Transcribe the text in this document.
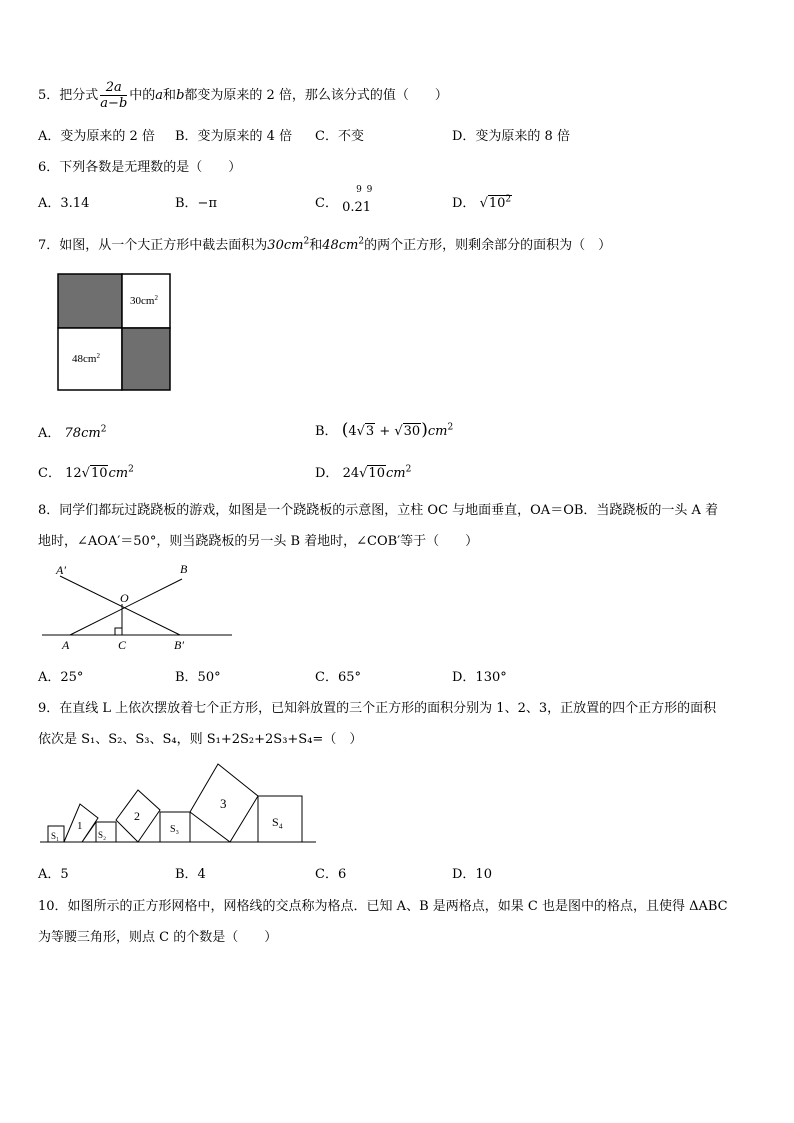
5．把分式 $\frac{2a}{a-b}$ 中的a和b都变为原来的 2 倍，那么该分式的值（　　）
A．变为原来的 2 倍 B．变为原来的 4 倍 C．不变	D．变为原来的 8 倍
6．下列各数是无理数的是（　　）
A．3.14	B．−π	C．
9 9
0.21	D． $√10^2$
7．如图，从一个大正方形中截去面积为$30cm^2$和$48cm^2$的两个正方形，则剩余部分的面积为（　）
$30cm^2$
$48cm^2$
A． $78cm^2$	B． $(4√3 + √30)cm^2$
C． $12√10cm^2$	D． $24√10cm^2$
8．同学们都玩过跷跷板的游戏，如图是一个跷跷板的示意图，立柱 OC 与地面垂直，OA＝OB．当跷跷板的一头 A 着
地时，∠AOA′＝50°，则当跷跷板的另一头 B 着地时，∠COB′等于（　　）
A′	B
O
A	C	B′
A．25°	B．50°	C．65°	D．130°
9．在直线 L 上依次摆放着七个正方形，已知斜放置的三个正方形的面积分别为 1、2、3，正放置的四个正方形的面积
依次是 S₁、S₂、S₃、S₄，则 S₁+2S₂+2S₃+S₄=（　）
S₁
1
S₂
2
S₃
3
S₄
A．5	B．4	C．6	D．10
10．如图所示的正方形网格中，网格线的交点称为格点．已知 A、B 是两格点，如果 C 也是图中的格点，且使得 ΔABC
为等腰三角形，则点 C 的个数是（　　）
